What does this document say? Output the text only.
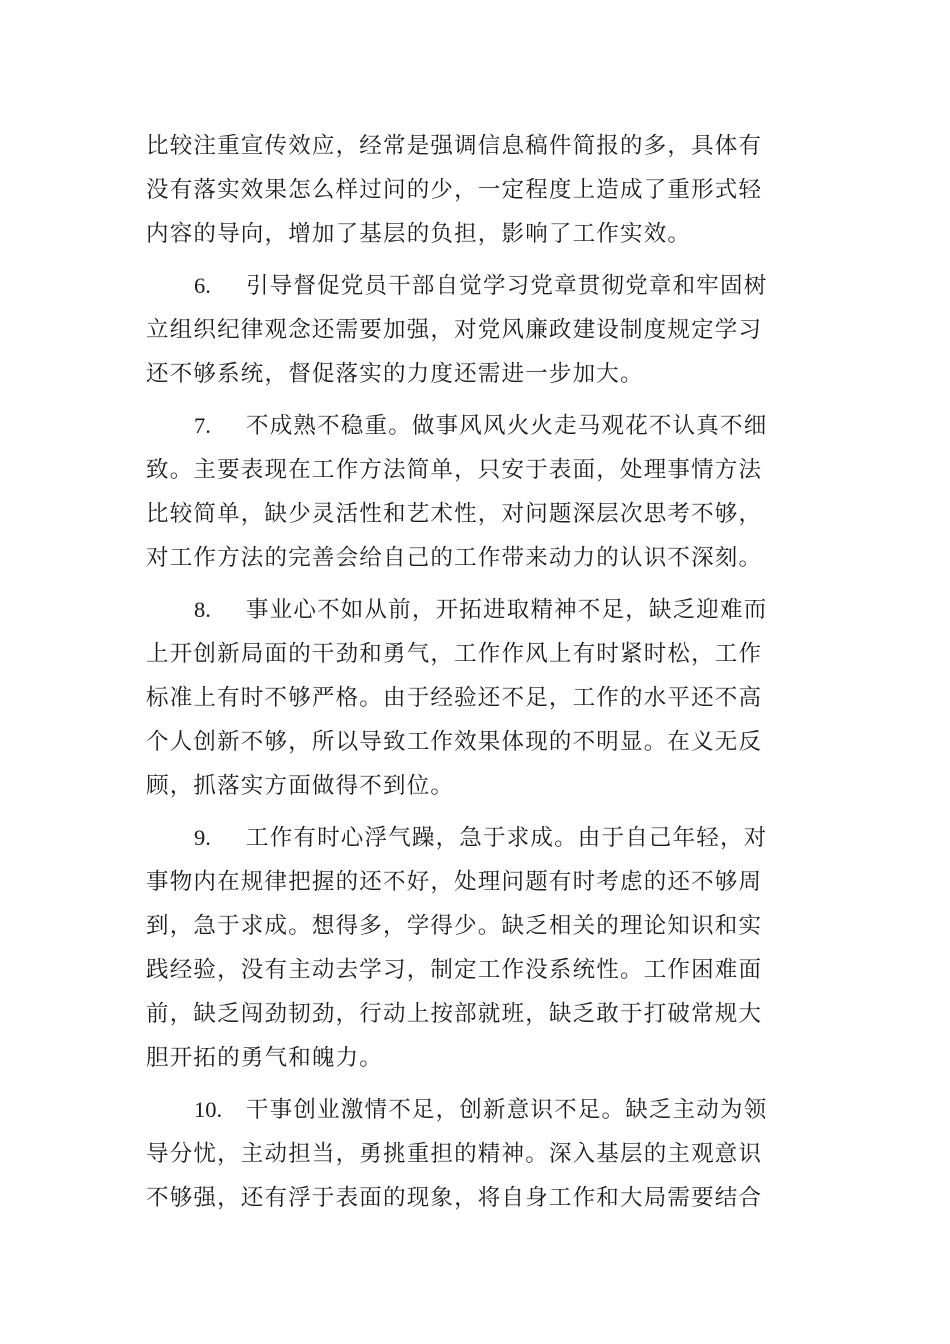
比较注重宣传效应，经常是强调信息稿件简报的多，具体有
没有落实效果怎么样过问的少，一定程度上造成了重形式轻
内容的导向，增加了基层的负担，影响了工作实效。
6. 引导督促党员干部自觉学习党章贯彻党章和牢固树
立组织纪律观念还需要加强，对党风廉政建设制度规定学习
还不够系统，督促落实的力度还需进一步加大。
7. 不成熟不稳重。做事风风火火走马观花不认真不细
致。主要表现在工作方法简单，只安于表面，处理事情方法
比较简单，缺少灵活性和艺术性，对问题深层次思考不够，
对工作方法的完善会给自己的工作带来动力的认识不深刻。
8. 事业心不如从前，开拓进取精神不足，缺乏迎难而
上开创新局面的干劲和勇气，工作作风上有时紧时松，工作
标准上有时不够严格。由于经验还不足，工作的水平还不高
个人创新不够，所以导致工作效果体现的不明显。在义无反
顾，抓落实方面做得不到位。
9. 工作有时心浮气躁，急于求成。由于自己年轻，对
事物内在规律把握的还不好，处理问题有时考虑的还不够周
到，急于求成。想得多，学得少。缺乏相关的理论知识和实
践经验，没有主动去学习，制定工作没系统性。工作困难面
前，缺乏闯劲韧劲，行动上按部就班，缺乏敢于打破常规大
胆开拓的勇气和魄力。
10. 干事创业激情不足，创新意识不足。缺乏主动为领
导分忧，主动担当，勇挑重担的精神。深入基层的主观意识
不够强，还有浮于表面的现象，将自身工作和大局需要结合
